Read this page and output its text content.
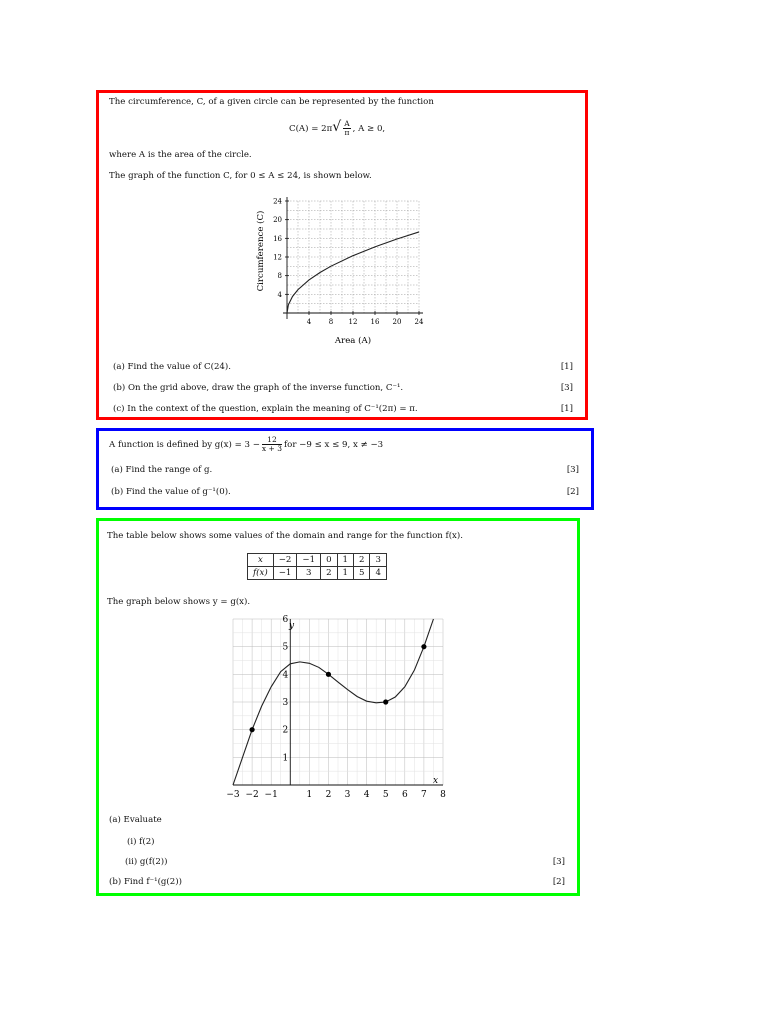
The circumference, C, of a given circle can be represented by the function
$C(A) = 2\pi√ \frac{A}{\pi}$ , A ≥ 0,
where A is the area of the circle.
The graph of the function C, for 0 ≤ A ≤ 24, is shown below.
4	8 12 16 20 24
4
8
12
16
20
24
Area (A)
Circumference (C)
(a) Find the value of C(24).	[1]
(b) On the grid above, draw the graph of the inverse function, C⁻¹.	[3]
(c) In the context of the question, explain the meaning of C⁻¹(2π) = π.	[1]
A function is defined by $g(x) = 3 - \frac{12}{x + 3}$ for −9 ≤ x ≤ 9, x ≠ −3
(a) Find the range of g.	[3]
(b) Find the value of g⁻¹(0).	[2]
The table below shows some values of the domain and range for the function f(x).
x	−2	−1	0	1	2	3
f(x)	−1	3	2	1	5	4
The graph below shows y = g(x).
−3 −2 −1	1 2 3 4 5 6 7 8
1
2
3
4
5
6
x
y
(a) Evaluate
(i) f(2)
(ii) g(f(2))	[3]
(b) Find f⁻¹(g(2))	[2]
